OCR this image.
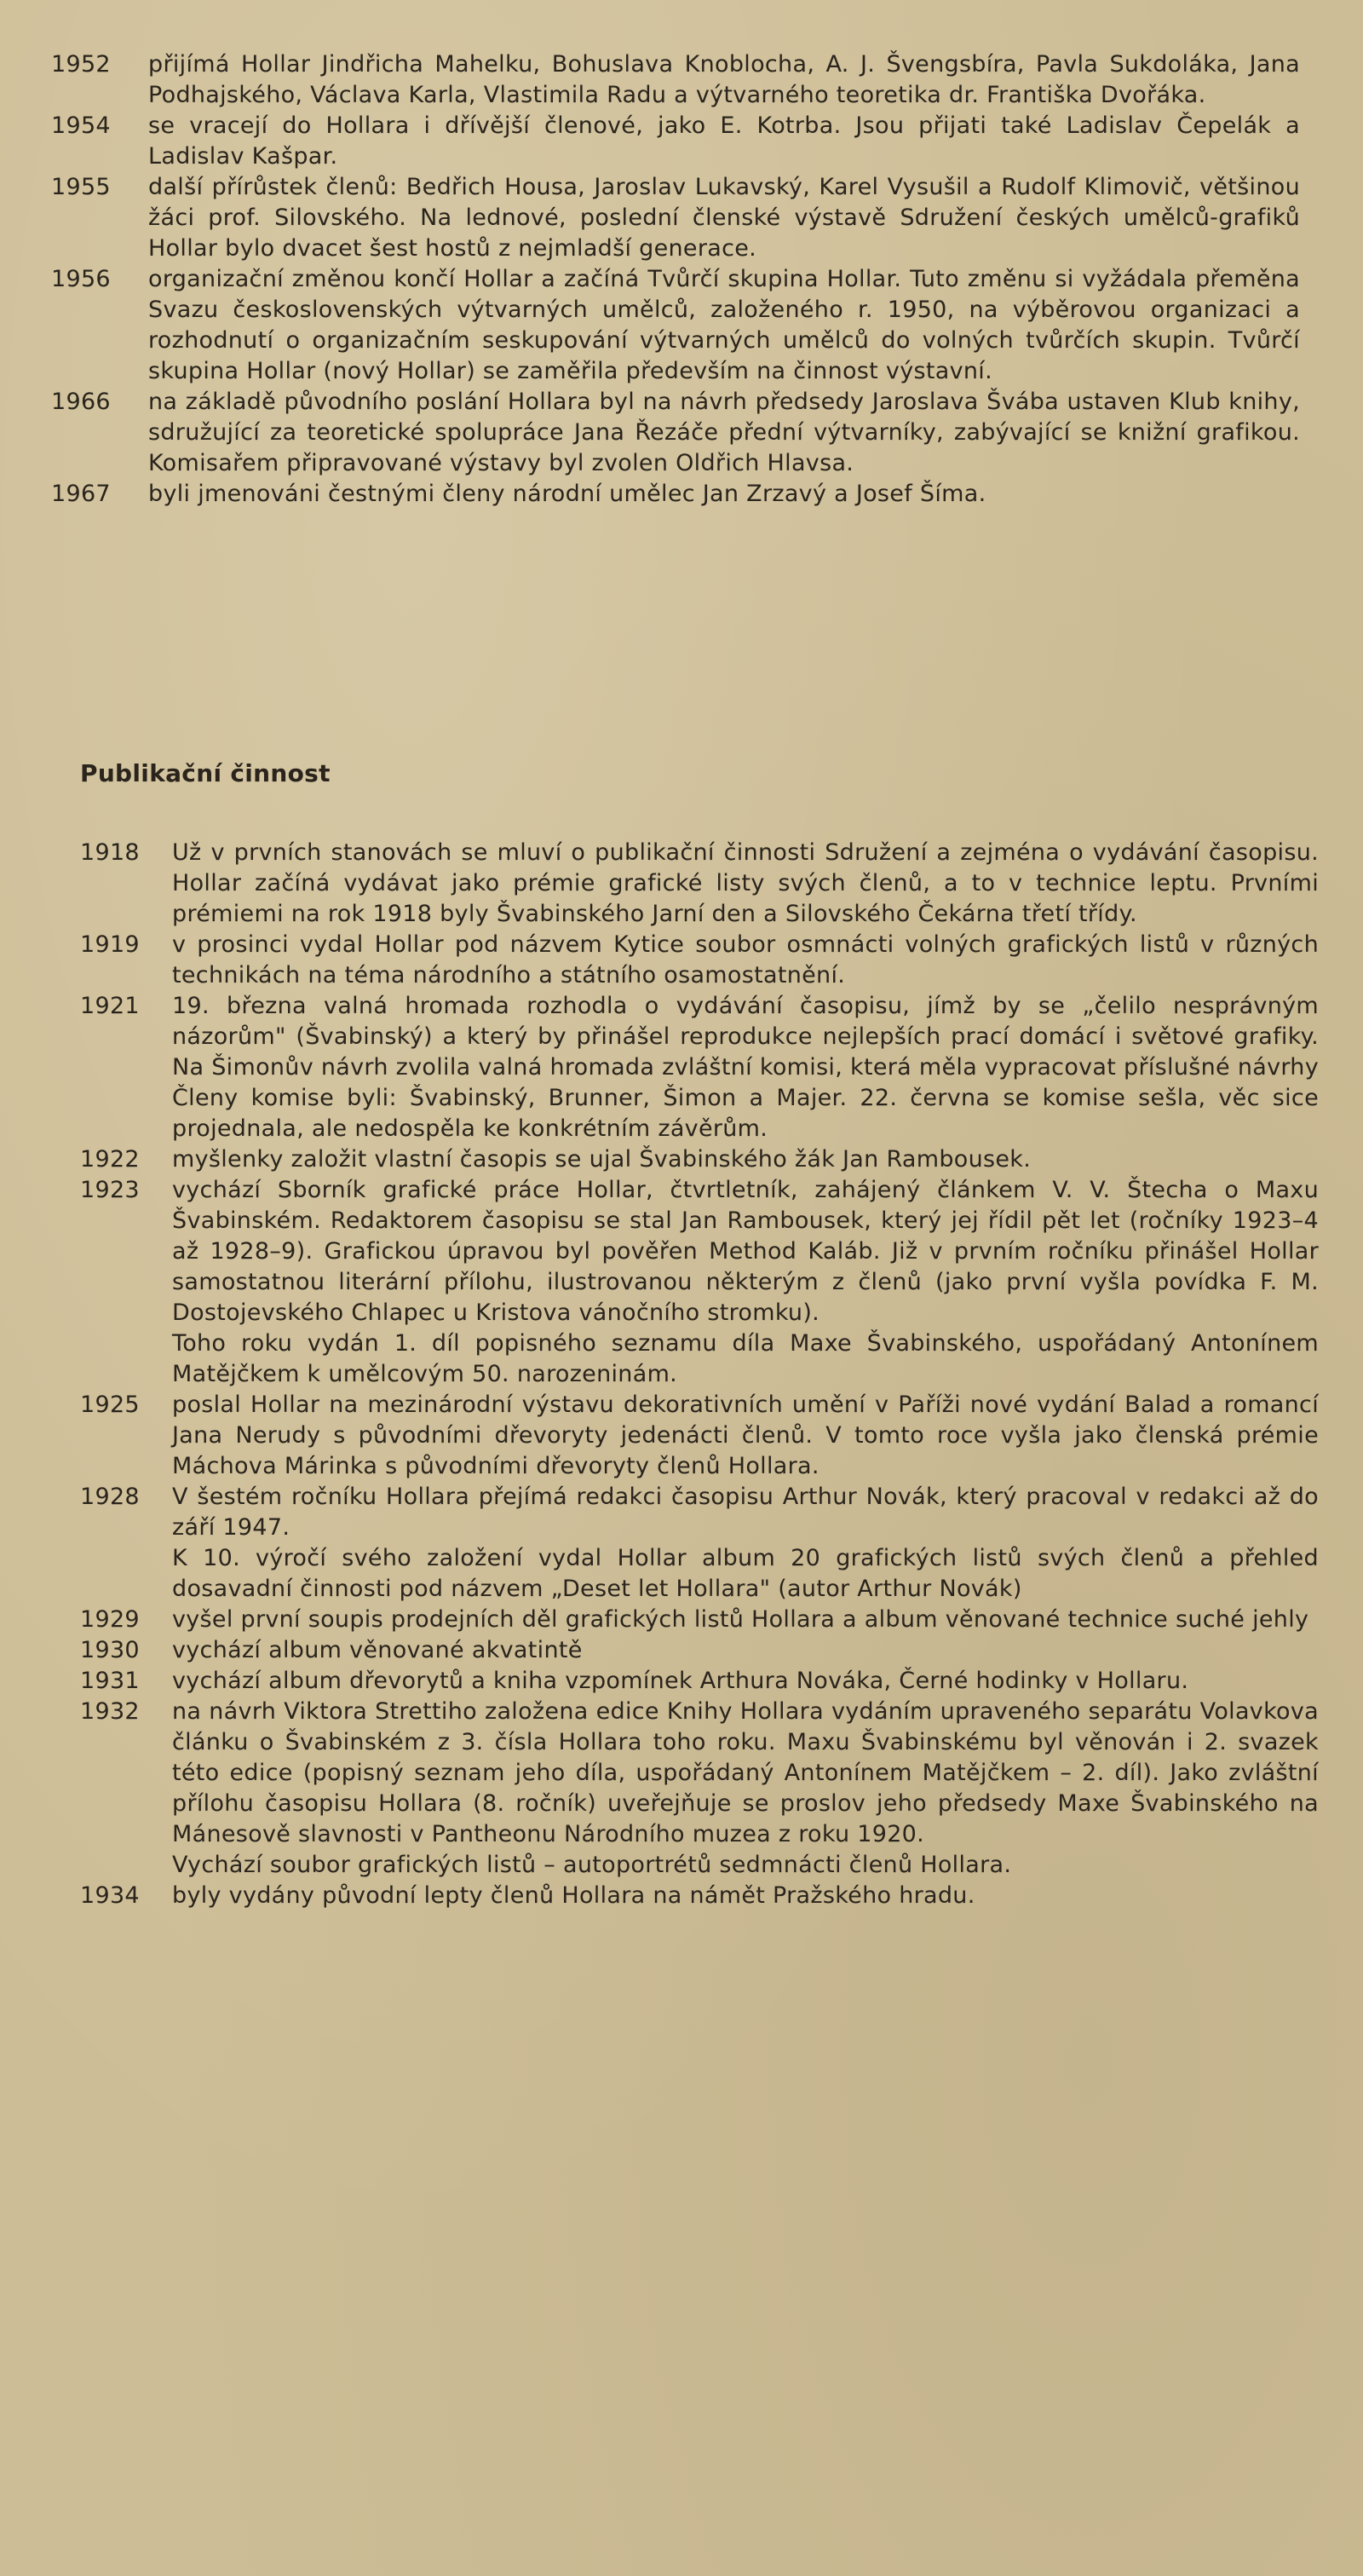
1952	přijímá Hollar Jindřicha Mahelku, Bohuslava Knoblocha, A. J. Švengsbíra, Pavla Sukdoláka, Jana Podhajského, Václava Karla, Vlastimila Radu a výtvarného teoretika dr. Františka Dvořáka.

1954	se vracejí do Hollara i dřívější členové, jako E. Kotrba. Jsou přijati také Ladislav Čepelák a Ladislav Kašpar.

1955	další přírůstek členů: Bedřich Housa, Jaroslav Lukavský, Karel Vysušil a Rudolf Klimovič, většinou žáci prof. Silovského. Na lednové, poslední členské výstavě Sdružení českých umělců-grafiků Hollar bylo dvacet šest hostů z nejmladší generace.

1956	organizační změnou končí Hollar a začíná Tvůrčí skupina Hollar. Tuto změnu si vyžádala přeměna Svazu československých výtvarných umělců, založeného r. 1950, na výběrovou organizaci a rozhodnutí o organizačním seskupování výtvarných umělců do volných tvůrčích skupin. Tvůrčí skupina Hollar (nový Hollar) se zaměřila především na činnost výstavní.

1966	na základě původního poslání Hollara byl na návrh předsedy Jaroslava Švába ustaven Klub knihy, sdružující za teoretické spolupráce Jana Řezáče přední výtvarníky, zabývající se knižní grafikou. Komisařem připravované výstavy byl zvolen Oldřich Hlavsa.

1967	byli jmenováni čestnými členy národní umělec Jan Zrzavý a Josef Šíma.

Publikační činnost
1918	Už v prvních stanovách se mluví o publikační činnosti Sdružení a zejména o vydávání časopisu. Hollar začíná vydávat jako prémie grafické listy svých členů, a to v technice leptu. Prvními prémiemi na rok 1918 byly Švabinského Jarní den a Silovského Čekárna třetí třídy.

1919	v prosinci vydal Hollar pod názvem Kytice soubor osmnácti volných grafických listů v různých technikách na téma národního a státního osamostatnění.

1921	19. března valná hromada rozhodla o vydávání časopisu, jímž by se „čelilo nesprávným názorům" (Švabinský) a který by přinášel reprodukce nejlepších prací domácí i světové grafiky. Na Šimonův návrh zvolila valná hromada zvláštní komisi, která měla vypracovat příslušné návrhy Členy komise byli: Švabinský, Brunner, Šimon a Majer. 22. června se komise sešla, věc sice projednala, ale nedospěla ke konkrétním závěrům.

1922	myšlenky založit vlastní časopis se ujal Švabinského žák Jan Rambousek.

1923	vychází Sborník grafické práce Hollar, čtvrtletník, zahájený článkem V. V. Štecha o Maxu Švabinském. Redaktorem časopisu se stal Jan Rambousek, který jej řídil pět let (ročníky 1923–4 až 1928–9). Grafickou úpravou byl pověřen Method Kaláb. Již v prvním ročníku přinášel Hollar samostatnou literární přílohu, ilustrovanou některým z členů (jako první vyšla povídka F. M. Dostojevského Chlapec u Kristova vánočního stromku).

Toho roku vydán 1. díl popisného seznamu díla Maxe Švabinského, uspořádaný Antonínem Matějčkem k umělcovým 50. narozeninám.

1925	poslal Hollar na mezinárodní výstavu dekorativních umění v Paříži nové vydání Balad a romancí Jana Nerudy s původními dřevoryty jedenácti členů. V tomto roce vyšla jako členská prémie Máchova Márinka s původními dřevoryty členů Hollara.

1928	V šestém ročníku Hollara přejímá redakci časopisu Arthur Novák, který pracoval v redakci až do září 1947.

K 10. výročí svého založení vydal Hollar album 20 grafických listů svých členů a přehled dosavadní činnosti pod názvem „Deset let Hollara" (autor Arthur Novák)

1929	vyšel první soupis prodejních děl grafických listů Hollara a album věnované technice suché jehly

1930	vychází album věnované akvatintě

1931	vychází album dřevorytů a kniha vzpomínek Arthura Nováka, Černé hodinky v Hollaru.

1932	na návrh Viktora Strettiho založena edice Knihy Hollara vydáním upraveného separátu Volavkova článku o Švabinském z 3. čísla Hollara toho roku. Maxu Švabinskému byl věnován i 2. svazek této edice (popisný seznam jeho díla, uspořádaný Antonínem Matějčkem – 2. díl). Jako zvláštní přílohu časopisu Hollara (8. ročník) uveřejňuje se proslov jeho předsedy Maxe Švabinského na Mánesově slavnosti v Pantheonu Národního muzea z roku 1920.

Vychází soubor grafických listů – autoportrétů sedmnácti členů Hollara.

1934	byly vydány původní lepty členů Hollara na námět Pražského hradu.
